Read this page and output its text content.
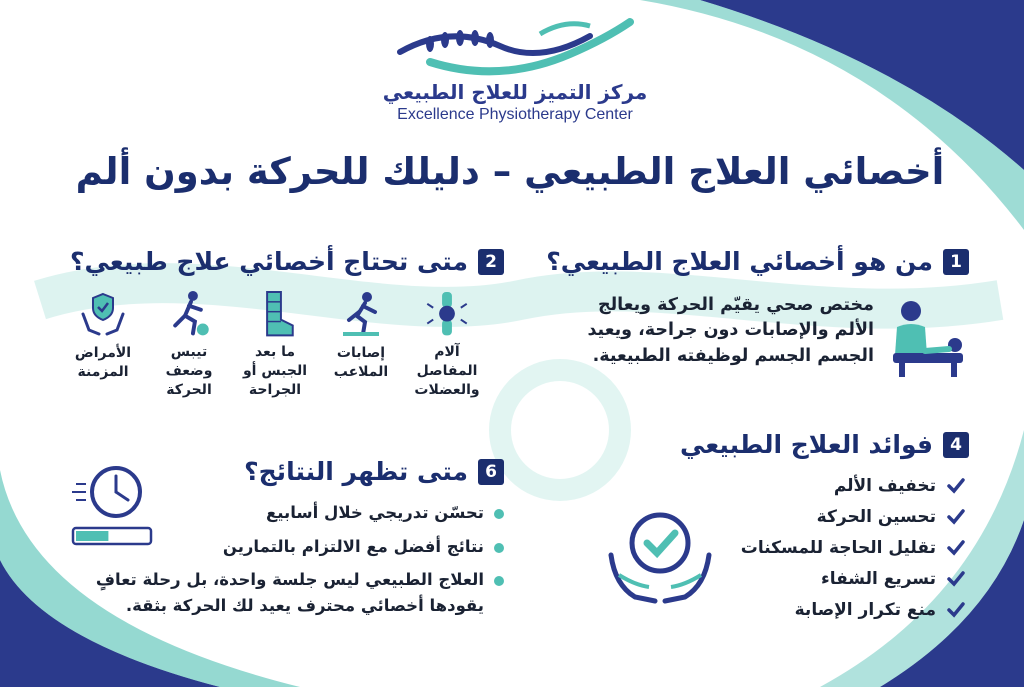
مركز التميز للعلاج الطبيعي
Excellence Physiotherapy Center
أخصائي العلاج الطبيعي – دليلك للحركة بدون ألم
1
من هو أخصائي العلاج الطبيعي؟
مختص صحي يقيّم الحركة ويعالج الألم والإصابات دون جراحة، ويعيد الجسم الجسم لوظيفته الطبيعية.
2
متى تحتاج أخصائي علاج طبيعي؟
آلام المفاصل والعضلات
إصابات الملاعب
ما بعد الجبس أو الجراحة
تيبس وضعف الحركة
الأمراض المزمنة
4
فوائد العلاج الطبيعي
تخفيف الألم
تحسين الحركة
تقليل الحاجة للمسكنات
تسريع الشفاء
منع تكرار الإصابة
6
متى تظهر النتائج؟
تحسّن تدريجي خلال أسابيع
نتائج أفضل مع الالتزام بالتمارين
العلاج الطبيعي ليس جلسة واحدة، بل رحلة تعافٍ يقودها أخصائي محترف يعيد لك الحركة بثقة.
